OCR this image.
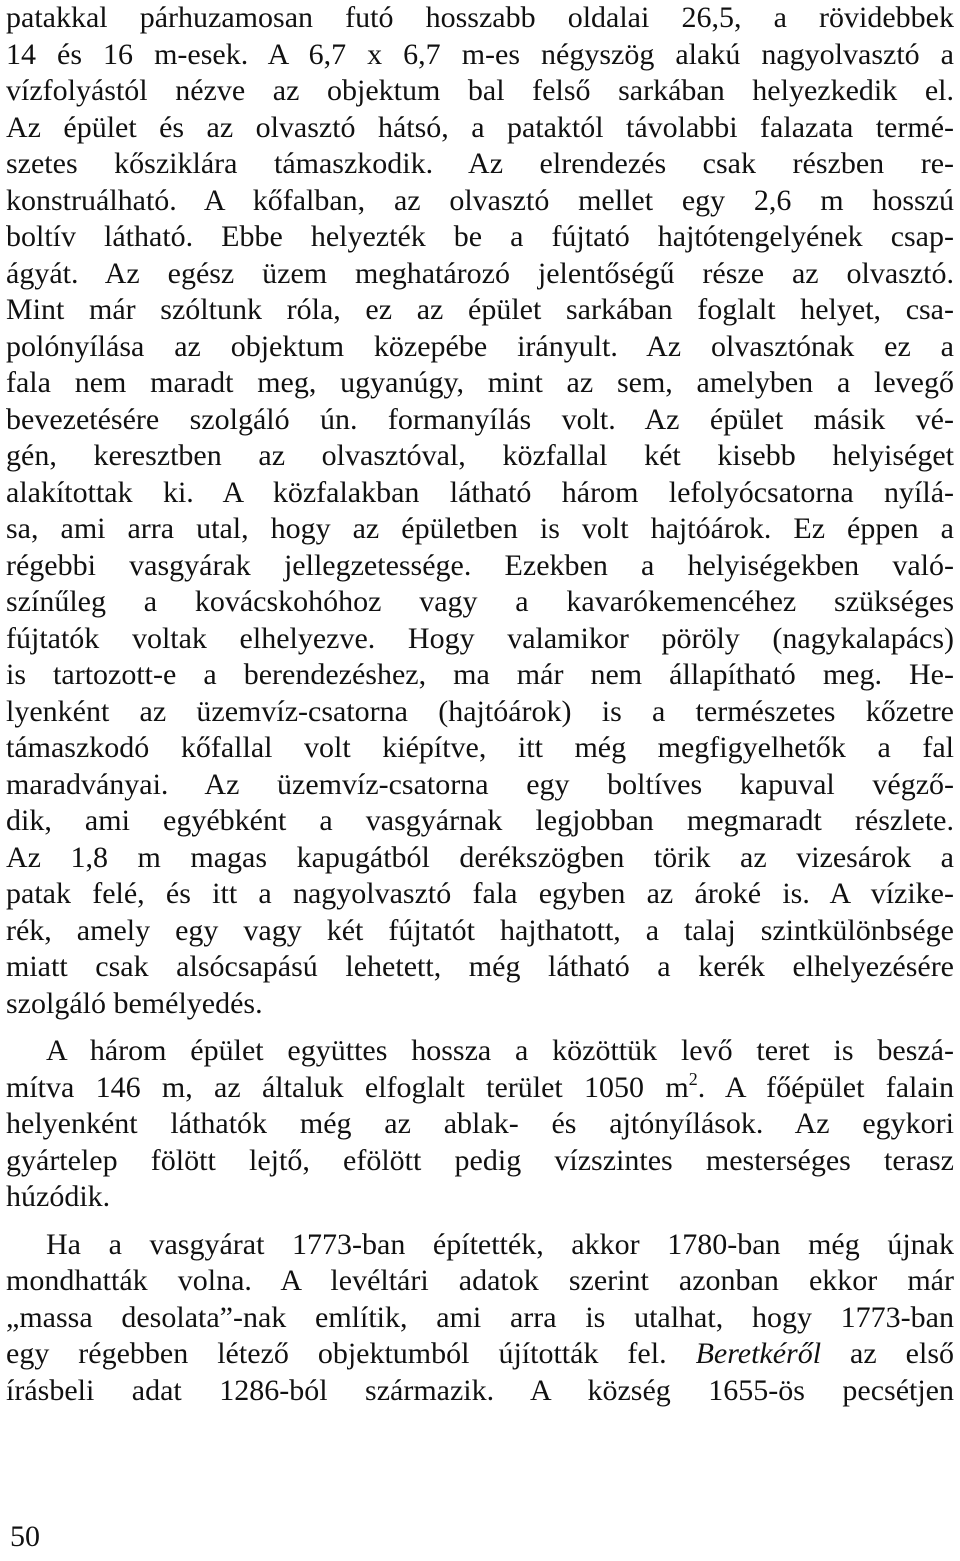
patakkal párhuzamosan futó hosszabb oldalai 26,5, a rövidebbek
14 és 16 m-esek. A 6,7 x 6,7 m-es négyszög alakú nagyolvasztó a
vízfolyástól nézve az objektum bal felső sarkában helyezkedik el.
Az épület és az olvasztó hátsó, a pataktól távolabbi falazata termé-
szetes kősziklára támaszkodik. Az elrendezés csak részben re-
konstruálható. A kőfalban, az olvasztó mellet egy 2,6 m hosszú
boltív látható. Ebbe helyezték be a fújtató hajtótengelyének csap-
ágyát. Az egész üzem meghatározó jelentőségű része az olvasztó.
Mint már szóltunk róla, ez az épület sarkában foglalt helyet, csa-
polónyílása az objektum közepébe irányult. Az olvasztónak ez a
fala nem maradt meg, ugyanúgy, mint az sem, amelyben a levegő
bevezetésére szolgáló ún. formanyílás volt. Az épület másik vé-
gén, keresztben az olvasztóval, közfallal két kisebb helyiséget
alakítottak ki. A közfalakban látható három lefolyócsatorna nyílá-
sa, ami arra utal, hogy az épületben is volt hajtóárok. Ez éppen a
régebbi vasgyárak jellegzetessége. Ezekben a helyiségekben való-
színűleg a kovácskohóhoz vagy a kavarókemencéhez szükséges
fújtatók voltak elhelyezve. Hogy valamikor pöröly (nagykalapács)
is tartozott-e a berendezéshez, ma már nem állapítható meg. He-
lyenként az üzemvíz-csatorna (hajtóárok) is a természetes kőzetre
támaszkodó kőfallal volt kiépítve, itt még megfigyelhetők a fal
maradványai. Az üzemvíz-csatorna egy boltíves kapuval végző-
dik, ami egyébként a vasgyárnak legjobban megmaradt részlete.
Az 1,8 m magas kapugátból derékszögben törik az vizesárok a
patak felé, és itt a nagyolvasztó fala egyben az ároké is. A vízike-
rék, amely egy vagy két fújtatót hajthatott, a talaj szintkülönbsége
miatt csak alsócsapású lehetett, még látható a kerék elhelyezésére
szolgáló bemélyedés.
A három épület együttes hossza a közöttük levő teret is beszá-
mítva 146 m, az általuk elfoglalt terület 1050 $m^2$. A főépület falain
helyenként láthatók még az ablak- és ajtónyílások. Az egykori
gyártelep fölött lejtő, efölött pedig vízszintes mesterséges terasz
húzódik.
Ha a vasgyárat 1773-ban építették, akkor 1780-ban még újnak
mondhatták volna. A levéltári adatok szerint azonban ekkor már
„massa desolata”-nak említik, ami arra is utalhat, hogy 1773-ban
egy régebben létező objektumból újították fel. Beretkéről az első
írásbeli adat 1286-ból származik. A község 1655-ös pecsétjen
50
